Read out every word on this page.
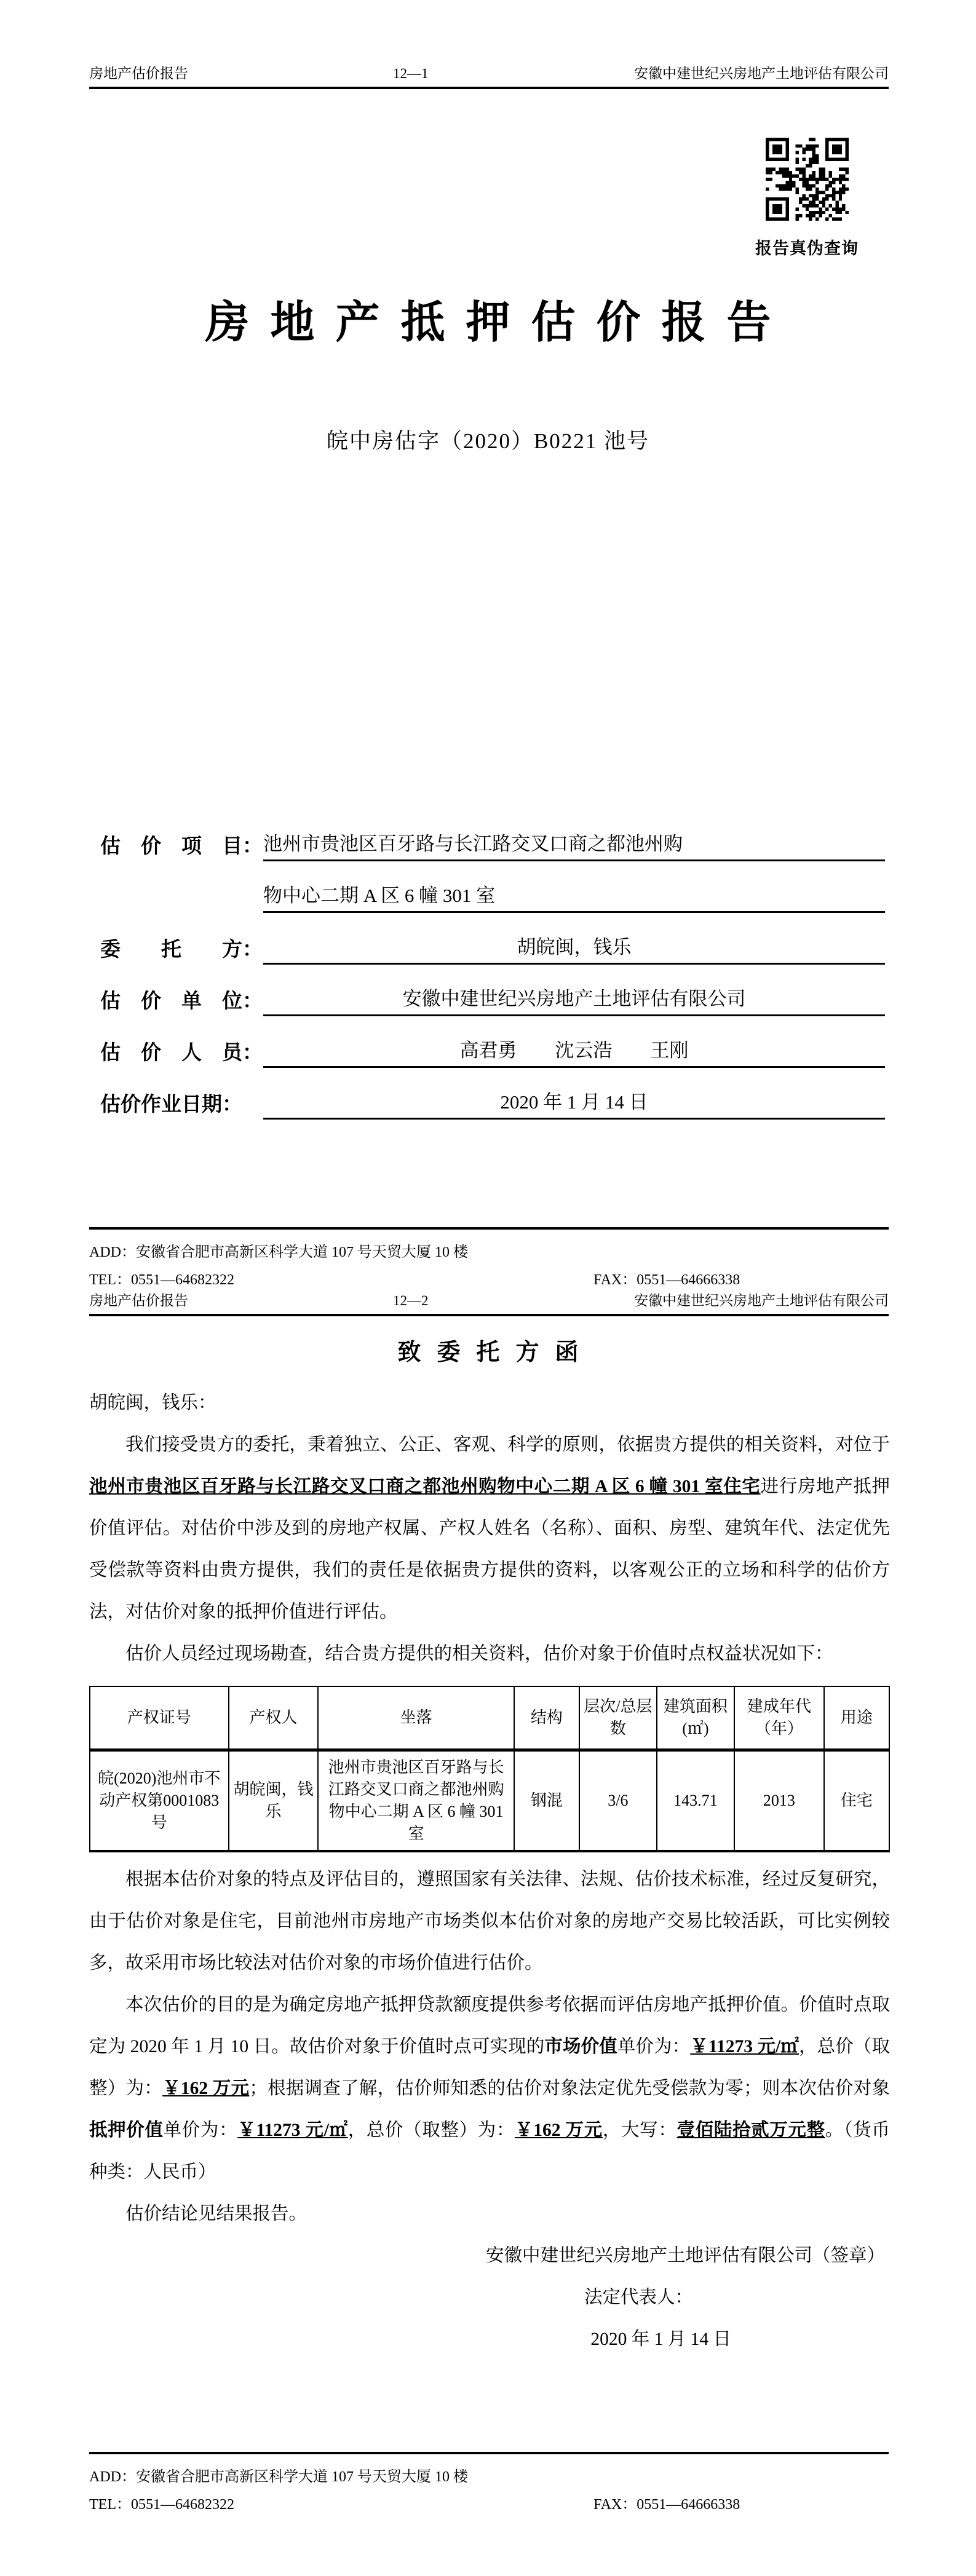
房地产估价报告	12—1	安徽中建世纪兴房地产土地评估有限公司
报告真伪查询
房地产抵押估价报告
皖中房估字（2020）B0221 池号
估　价　项　目： 池州市贵池区百牙路与长江路交叉口商之都池州购
物中心二期 A 区 6 幢 301 室
委　　托　　方：	胡皖闽，钱乐
估　价　单　位：	安徽中建世纪兴房地产土地评估有限公司
估　价　人　员：	高君勇　　沈云浩　　王刚
估价作业日期：	2020 年 1 月 14 日
ADD：安徽省合肥市高新区科学大道 107 号天贸大厦 10 楼
TEL：0551—64682322	FAX：0551—64666338
房地产估价报告	12—2	安徽中建世纪兴房地产土地评估有限公司
致委托方函

胡皖闽，钱乐：

我们接受贵方的委托，秉着独立、公正、客观、科学的原则，依据贵方提供的相关资料，对位于池州市贵池区百牙路与长江路交叉口商之都池州购物中心二期 A 区 6 幢 301 室住宅进行房地产抵押价值评估。对估价中涉及到的房地产权属、产权人姓名（名称）、面积、房型、建筑年代、法定优先受偿款等资料由贵方提供，我们的责任是依据贵方提供的资料，以客观公正的立场和科学的估价方法，对估价对象的抵押价值进行评估。

估价人员经过现场勘查，结合贵方提供的相关资料，估价对象于价值时点权益状况如下：

产权证号	产权人	坐落	结构	层次/总层数	建筑面积(㎡)	建成年代（年）	用途
皖(2020)池州市不动产权第0001083 号	胡皖闽，钱乐	池州市贵池区百牙路与长江路交叉口商之都池州购物中心二期 A 区 6 幢 301 室	钢混	3/6	143.71	2013	住宅

根据本估价对象的特点及评估目的，遵照国家有关法律、法规、估价技术标准，经过反复研究，由于估价对象是住宅，目前池州市房地产市场类似本估价对象的房地产交易比较活跃，可比实例较多，故采用市场比较法对估价对象的市场价值进行估价。

本次估价的目的是为确定房地产抵押贷款额度提供参考依据而评估房地产抵押价值。价值时点取定为 2020 年 1 月 10 日。故估价对象于价值时点可实现的市场价值单价为：￥11273 元/㎡，总价（取整）为：￥162 万元；根据调查了解，估价师知悉的估价对象法定优先受偿款为零；则本次估价对象抵押价值单价为：￥11273 元/㎡，总价（取整）为：￥162 万元，大写：壹佰陆拾贰万元整。（货币种类：人民币）

估价结论见结果报告。

安徽中建世纪兴房地产土地评估有限公司（签章）

法定代表人：

2020 年 1 月 14 日

ADD：安徽省合肥市高新区科学大道 107 号天贸大厦 10 楼
TEL：0551—64682322	FAX：0551—64666338
